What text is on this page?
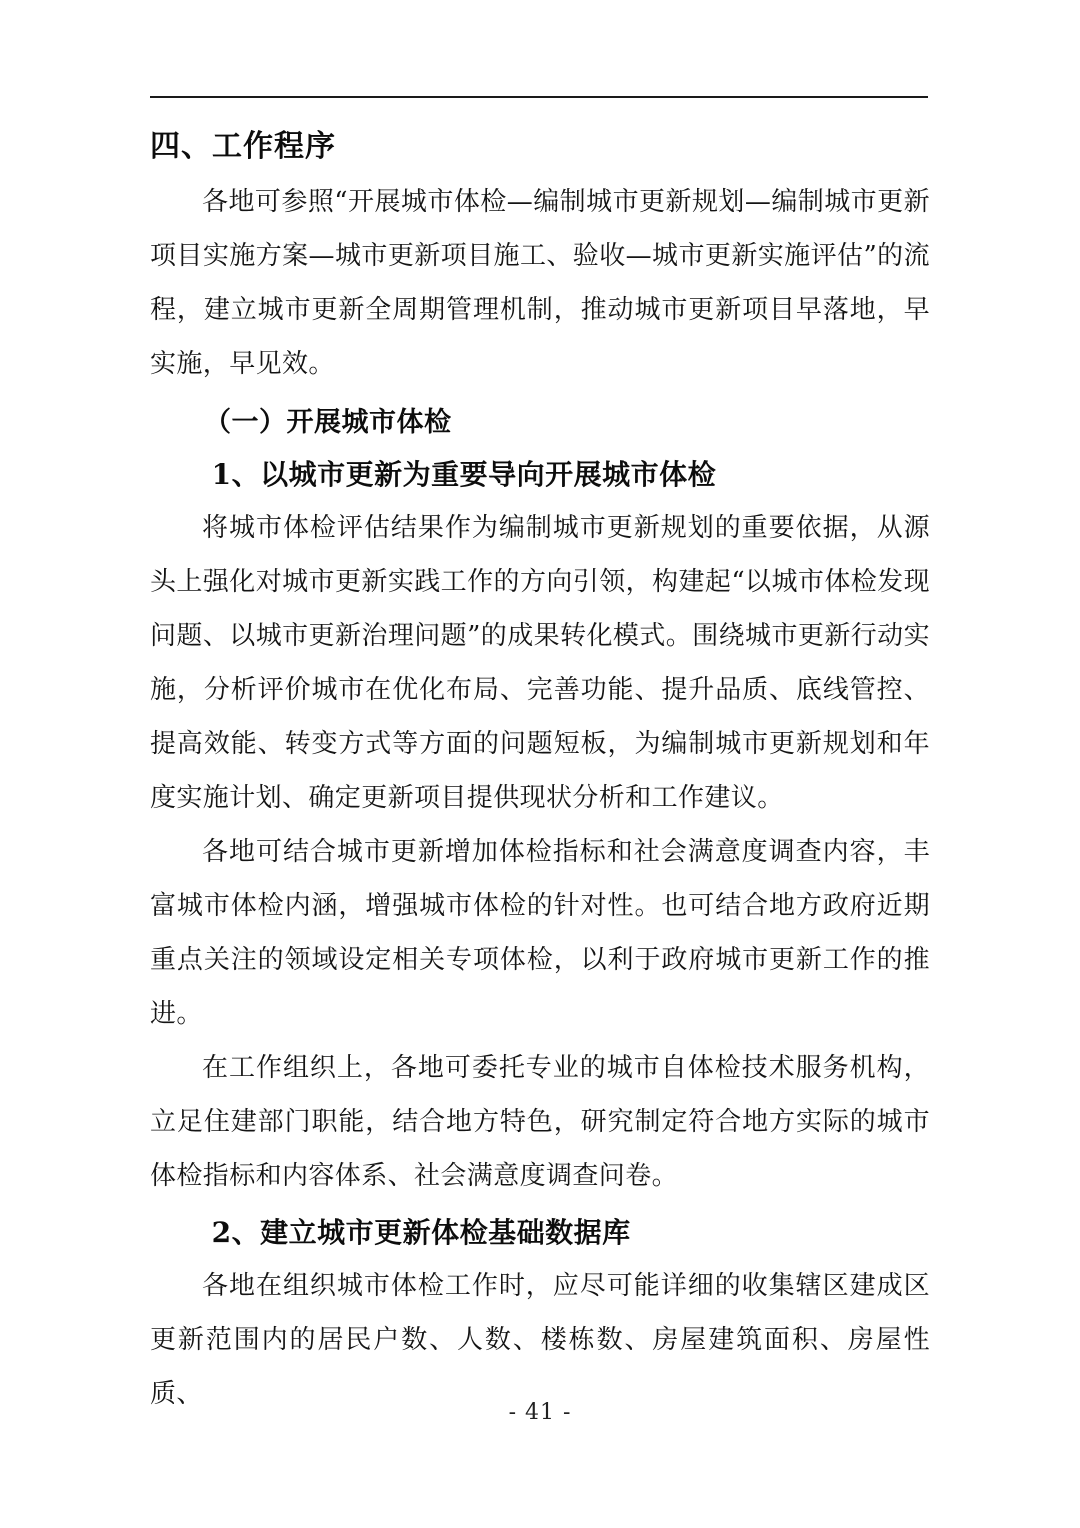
四、工作程序

各地可参照“开展城市体检—编制城市更新规划—编制城市更新项目实施方案—城市更新项目施工、验收—城市更新实施评估”的流程，建立城市更新全周期管理机制，推动城市更新项目早落地，早实施，早见效。

（一）开展城市体检
1、以城市更新为重要导向开展城市体检

将城市体检评估结果作为编制城市更新规划的重要依据，从源头上强化对城市更新实践工作的方向引领，构建起“以城市体检发现问题、以城市更新治理问题”的成果转化模式。围绕城市更新行动实施，分析评价城市在优化布局、完善功能、提升品质、底线管控、提高效能、转变方式等方面的问题短板，为编制城市更新规划和年度实施计划、确定更新项目提供现状分析和工作建议。

各地可结合城市更新增加体检指标和社会满意度调查内容，丰富城市体检内涵，增强城市体检的针对性。也可结合地方政府近期重点关注的领域设定相关专项体检，以利于政府城市更新工作的推进。

在工作组织上，各地可委托专业的城市自体检技术服务机构，立足住建部门职能，结合地方特色，研究制定符合地方实际的城市体检指标和内容体系、社会满意度调查问卷。

2、建立城市更新体检基础数据库

各地在组织城市体检工作时，应尽可能详细的收集辖区建成区更新范围内的居民户数、人数、楼栋数、房屋建筑面积、房屋性质、

- 41 -
